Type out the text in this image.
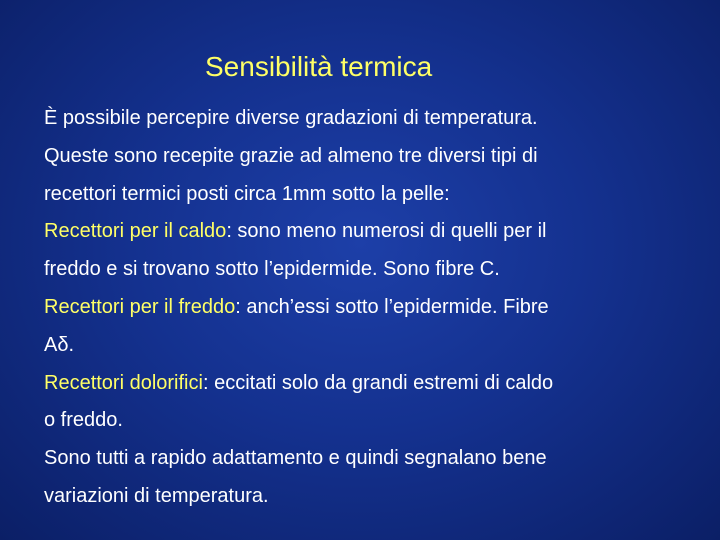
Sensibilità termica
È possibile percepire diverse gradazioni di temperatura.
Queste sono recepite grazie ad almeno tre diversi tipi di
recettori termici posti circa 1mm sotto la pelle:
Recettori per il caldo: sono meno numerosi di quelli per il
freddo e si trovano sotto l’epidermide. Sono fibre C.
Recettori per il freddo: anch’essi sotto l’epidermide. Fibre
Aδ.
Recettori dolorifici: eccitati solo da grandi estremi di caldo
o freddo.
Sono tutti a rapido adattamento e quindi segnalano bene
variazioni di temperatura.
